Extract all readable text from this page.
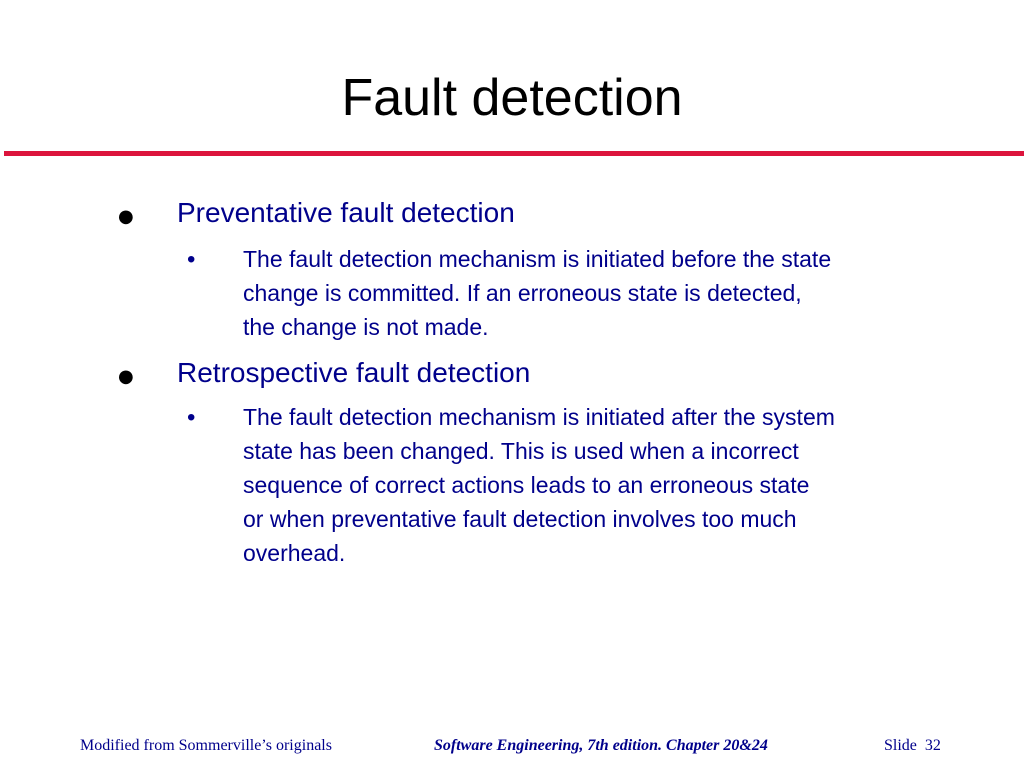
Fault detection
● Preventative fault detection
• The fault detection mechanism is initiated before the state
change is committed. If an erroneous state is detected,
the change is not made.
● Retrospective fault detection
• The fault detection mechanism is initiated after the system
state has been changed. This is used when a incorrect
sequence of correct actions leads to an erroneous state
or when preventative fault detection involves too much
overhead.
Modified from Sommerville’s originals	Software Engineering, 7th edition. Chapter 20&24	Slide 32
